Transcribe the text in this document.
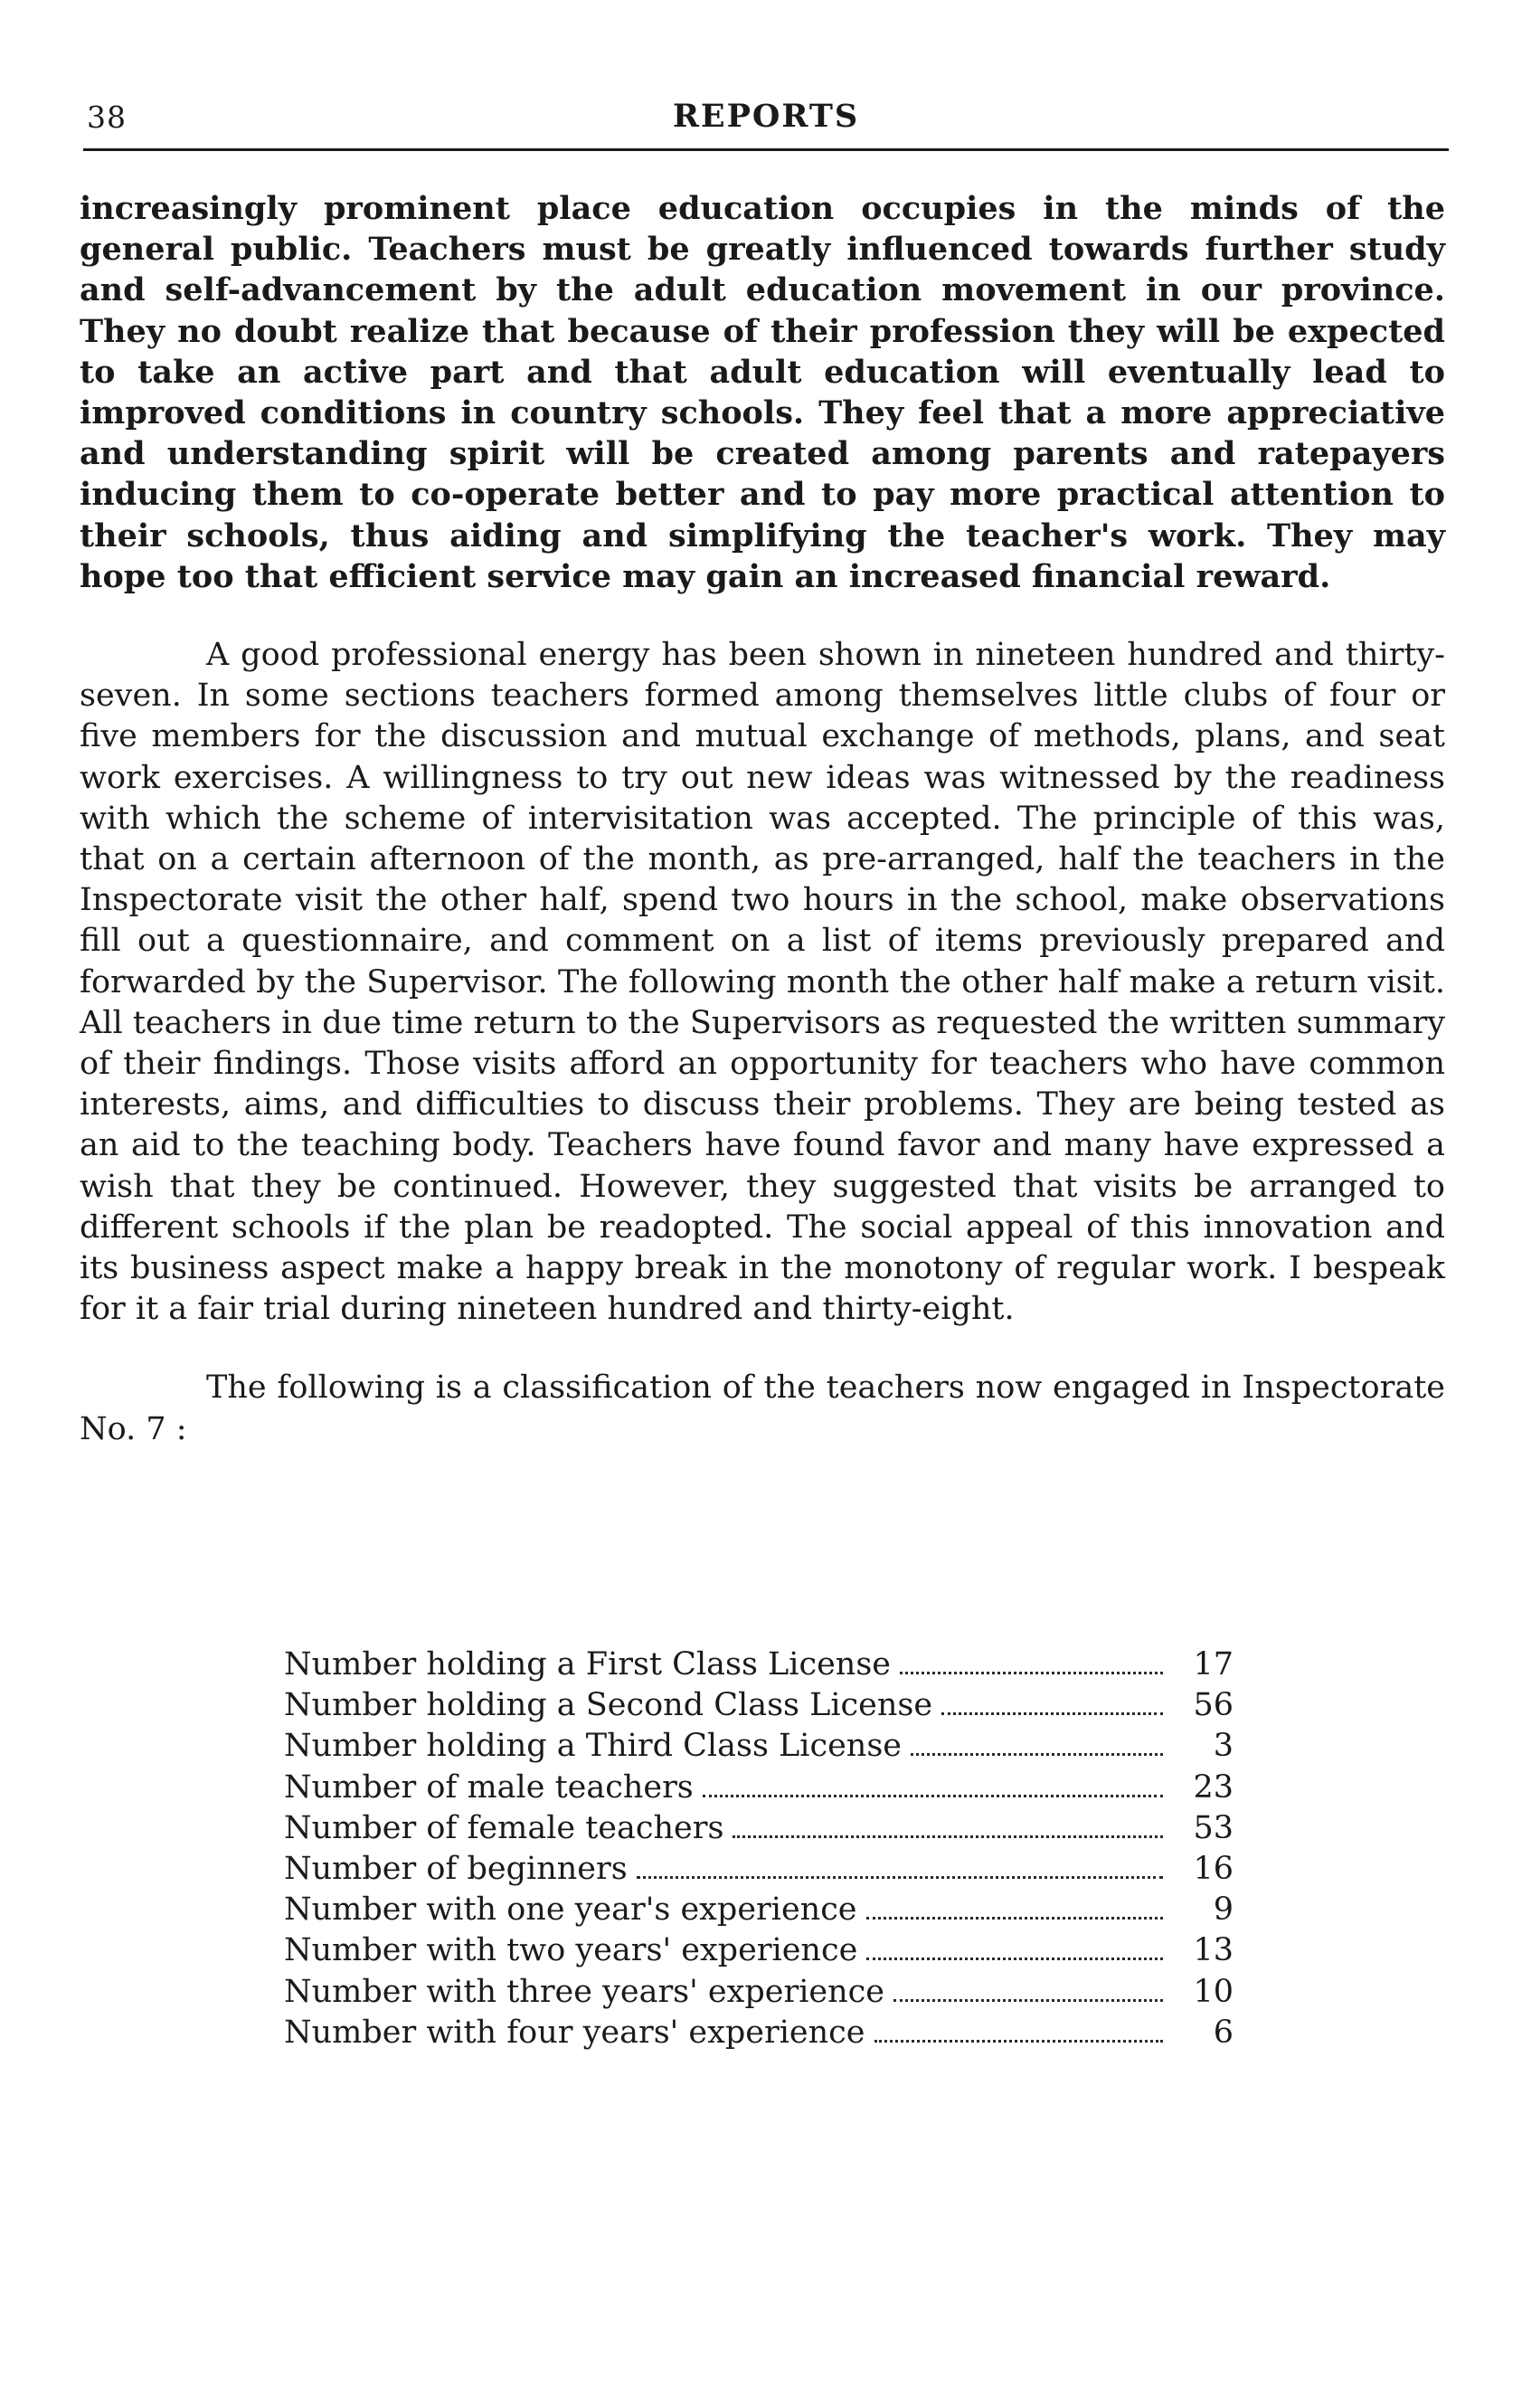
38	REPORTS

increasingly prominent place education occupies in the minds of the general public. Teachers must be greatly influenced towards further study and self-advancement by the adult education movement in our province. They no doubt realize that because of their profession they will be expected to take an active part and that adult education will eventually lead to improved conditions in country schools. They feel that a more appreciative and understanding spirit will be created among parents and ratepayers inducing them to co-operate better and to pay more practical attention to their schools, thus aiding and simplifying the teacher's work. They may hope too that efficient service may gain an increased financial reward.

A good professional energy has been shown in nineteen hundred and thirty-seven. In some sections teachers formed among themselves little clubs of four or five members for the discussion and mutual exchange of methods, plans, and seat work exercises. A willingness to try out new ideas was witnessed by the readiness with which the scheme of intervisitation was accepted. The principle of this was, that on a certain afternoon of the month, as pre-arranged, half the teachers in the Inspectorate visit the other half, spend two hours in the school, make observations fill out a questionnaire, and comment on a list of items previously prepared and forwarded by the Supervisor. The following month the other half make a return visit. All teachers in due time return to the Supervisors as requested the written summary of their findings. Those visits afford an opportunity for teachers who have common interests, aims, and difficulties to discuss their problems. They are being tested as an aid to the teaching body. Teachers have found favor and many have expressed a wish that they be continued. However, they suggested that visits be arranged to different schools if the plan be readopted. The social appeal of this innovation and its business aspect make a happy break in the monotony of regular work. I bespeak for it a fair trial during nineteen hundred and thirty-eight.

The following is a classification of the teachers now engaged in Inspectorate No. 7 :

Number holding a First Class License	17
Number holding a Second Class License	56
Number holding a Third Class License	3
Number of male teachers	23
Number of female teachers	53
Number of beginners	16
Number with one year's experience	9
Number with two years' experience	13
Number with three years' experience	10
Number with four years' experience	6
